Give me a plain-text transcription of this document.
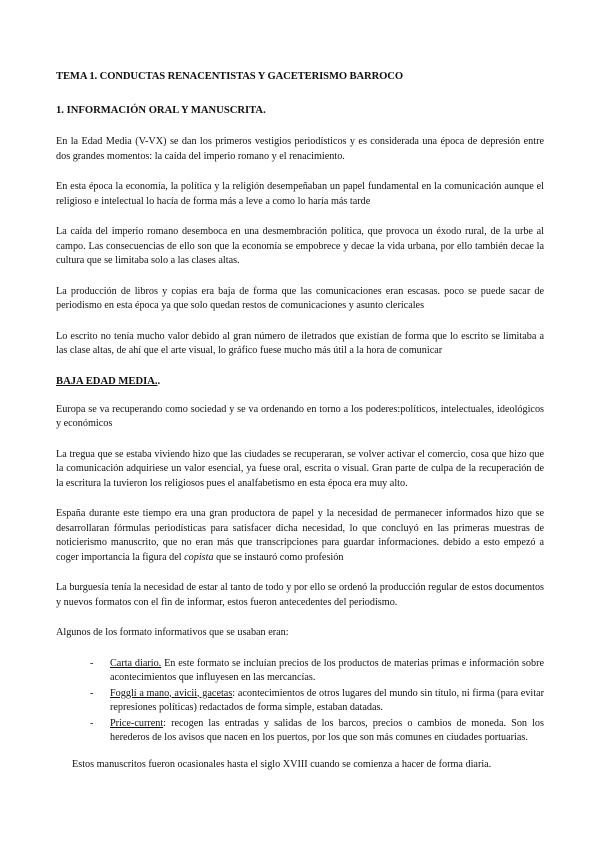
TEMA 1. CONDUCTAS RENACENTISTAS Y GACETERISMO BARROCO
1. INFORMACIÓN ORAL Y MANUSCRITA.

En la Edad Media (V-VX) se dan los primeros vestigios periodísticos y es considerada una época de depresión entre dos grandes momentos: la caída del imperio romano y el renacimiento.

En esta época la economía, la política y la religión desempeñaban un papel fundamental en la comunicación aunque el religioso e intelectual lo hacía de forma más a leve a como lo haría más tarde

La caída del imperio romano desemboca en una desmembración política, que provoca un éxodo rural, de la urbe al campo. Las consecuencias de ello son que la economía se empobrece y decae la vida urbana, por ello también decae la cultura que se limitaba solo a las clases altas.

La producción de libros y copias era baja de forma que las comunicaciones eran escasas. poco se puede sacar de periodismo en esta época ya que solo quedan restos de comunicaciones y asunto clericales

Lo escrito no tenía mucho valor debido al gran número de iletrados que existían de forma que lo escrito se limitaba a las clase altas, de ahí que el arte visual, lo gráfico fuese mucho más útil a la hora de comunicar

BAJA EDAD MEDIA..

Europa se va recuperando como sociedad y se va ordenando en torno a los poderes:políticos, intelectuales, ideológicos y económicos

La tregua que se estaba viviendo hizo que las ciudades se recuperaran, se volver activar el comercio, cosa que hizo que la comunicación adquiriese un valor esencial, ya fuese oral, escrita o visual. Gran parte de culpa de la recuperación de la escritura la tuvieron los religiosos pues el analfabetismo en esta época era muy alto.

España durante este tiempo era una gran productora de papel y la necesidad de permanecer informados hizo que se desarrollaran fórmulas periodísticas para satisfacer dicha necesidad, lo que concluyó en las primeras muestras de noticierismo manuscrito, que no eran más que transcripciones para guardar informaciones. debido a esto empezó a coger importancia la figura del copista que se instauró como profesión

La burguesía tenía la necesidad de estar al tanto de todo y por ello se ordenó la producción regular de estos documentos y nuevos formatos con el fin de informar, estos fueron antecedentes del periodismo.

Algunos de los formato informativos que se usaban eran:

- Carta diario. En este formato se incluían precios de los productos de materias primas e información sobre acontecimientos que influyesen en las mercancías.
- Fogglí a mano, avicii, gacetas: acontecimientos de otros lugares del mundo sin título, ni firma (para evitar represiones políticas) redactados de forma simple, estaban datadas.
- Price-current: recogen las entradas y salidas de los barcos, precios o cambios de moneda. Son los herederos de los avisos que nacen en los puertos, por los que son más comunes en ciudades portuarias.

Estos manuscritos fueron ocasionales hasta el siglo XVIII cuando se comienza a hacer de forma diaria.
